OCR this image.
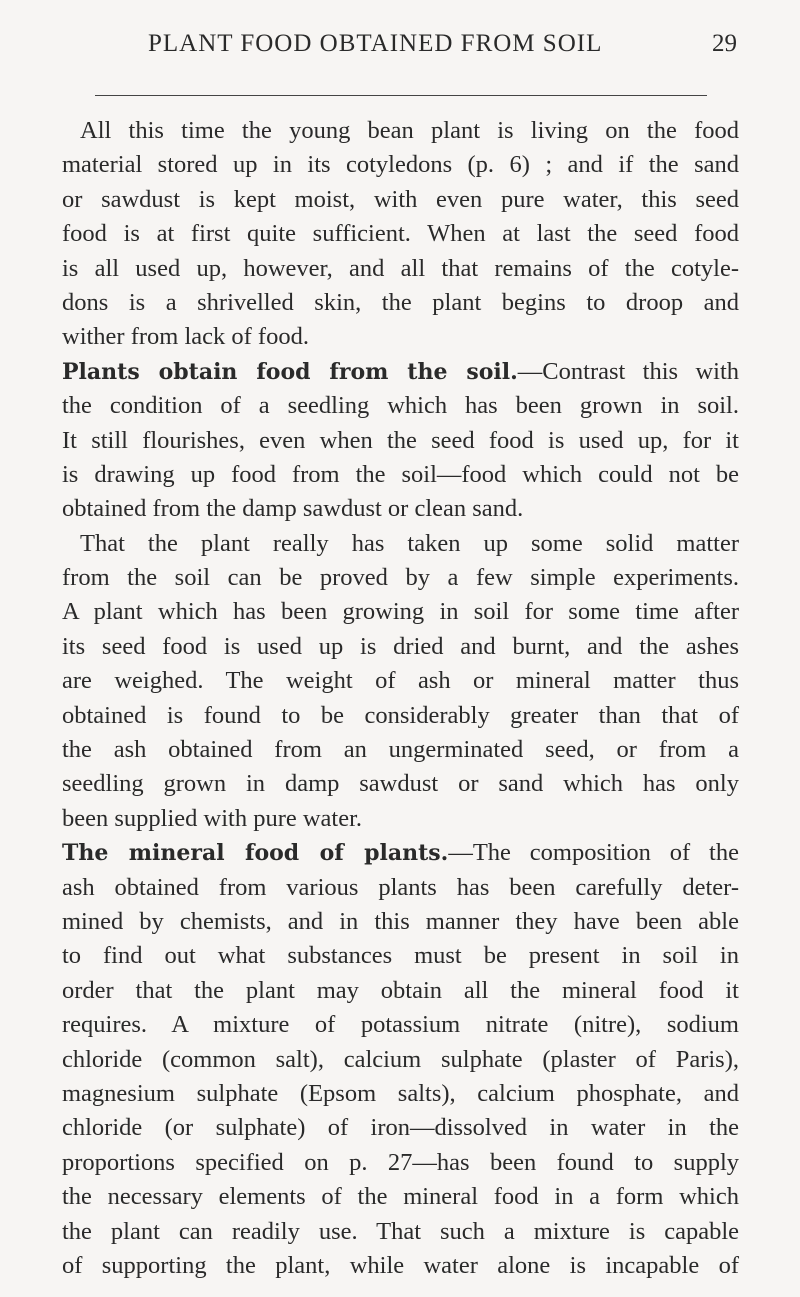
PLANT FOOD OBTAINED FROM SOIL	29
All this time the young bean plant is living on the food
material stored up in its cotyledons (p. 6) ; and if the sand
or sawdust is kept moist, with even pure water, this seed
food is at first quite sufficient. When at last the seed food
is all used up, however, and all that remains of the cotyle-
dons is a shrivelled skin, the plant begins to droop and
wither from lack of food.
Plants obtain food from the soil.—Contrast this with
the condition of a seedling which has been grown in soil.
It still flourishes, even when the seed food is used up, for it
is drawing up food from the soil—food which could not be
obtained from the damp sawdust or clean sand.
That the plant really has taken up some solid matter
from the soil can be proved by a few simple experiments.
A plant which has been growing in soil for some time after
its seed food is used up is dried and burnt, and the ashes
are weighed. The weight of ash or mineral matter thus
obtained is found to be considerably greater than that of
the ash obtained from an ungerminated seed, or from a
seedling grown in damp sawdust or sand which has only
been supplied with pure water.
The mineral food of plants.—The composition of the
ash obtained from various plants has been carefully deter-
mined by chemists, and in this manner they have been able
to find out what substances must be present in soil in
order that the plant may obtain all the mineral food it
requires. A mixture of potassium nitrate (nitre), sodium
chloride (common salt), calcium sulphate (plaster of Paris),
magnesium sulphate (Epsom salts), calcium phosphate, and
chloride (or sulphate) of iron—dissolved in water in the
proportions specified on p. 27—has been found to supply
the necessary elements of the mineral food in a form which
the plant can readily use. That such a mixture is capable
of supporting the plant, while water alone is incapable of
